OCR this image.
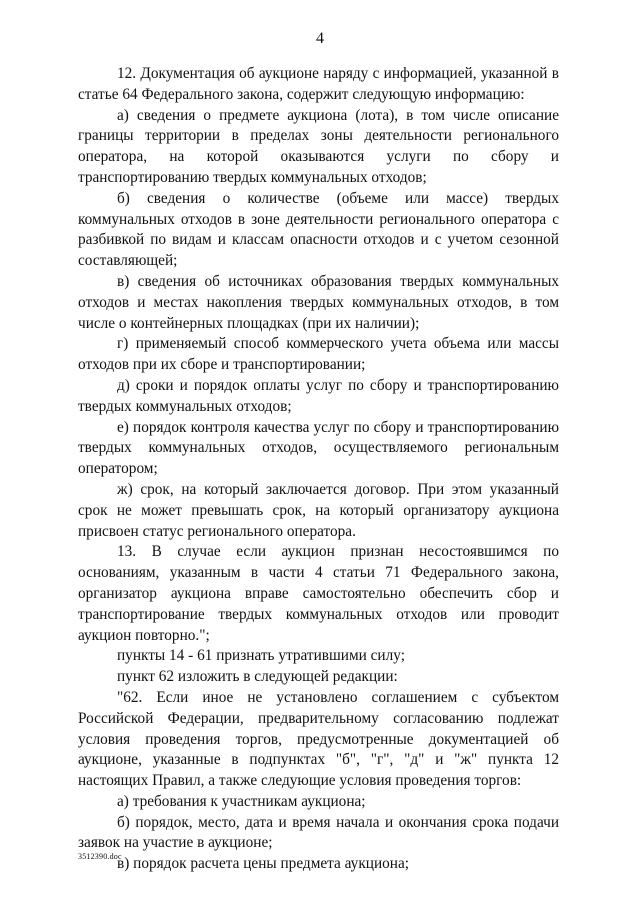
4

12. Документация об аукционе наряду с информацией, указанной в статье 64 Федерального закона, содержит следующую информацию:

а) сведения о предмете аукциона (лота), в том числе описание границы территории в пределах зоны деятельности регионального оператора, на которой оказываются услуги по сбору и транспортированию твердых коммунальных отходов;

б) сведения о количестве (объеме или массе) твердых коммунальных отходов в зоне деятельности регионального оператора с разбивкой по видам и классам опасности отходов и с учетом сезонной составляющей;

в) сведения об источниках образования твердых коммунальных отходов и местах накопления твердых коммунальных отходов, в том числе о контейнерных площадках (при их наличии);

г) применяемый способ коммерческого учета объема или массы отходов при их сборе и транспортировании;

д) сроки и порядок оплаты услуг по сбору и транспортированию твердых коммунальных отходов;

е) порядок контроля качества услуг по сбору и транспортированию твердых коммунальных отходов, осуществляемого региональным оператором;

ж) срок, на который заключается договор. При этом указанный срок не может превышать срок, на который организатору аукциона присвоен статус регионального оператора.

13. В случае если аукцион признан несостоявшимся по основаниям, указанным в части 4 статьи 71 Федерального закона, организатор аукциона вправе самостоятельно обеспечить сбор и транспортирование твердых коммунальных отходов или проводит аукцион повторно.";

пункты 14 - 61 признать утратившими силу;

пункт 62 изложить в следующей редакции:

"62. Если иное не установлено соглашением с субъектом Российской Федерации, предварительному согласованию подлежат условия проведения торгов, предусмотренные документацией об аукционе, указанные в подпунктах "б", "г", "д" и "ж" пункта 12 настоящих Правил, а также следующие условия проведения торгов:

а) требования к участникам аукциона;

б) порядок, место, дата и время начала и окончания срока подачи заявок на участие в аукционе;

в) порядок расчета цены предмета аукциона;

3512390.doc
